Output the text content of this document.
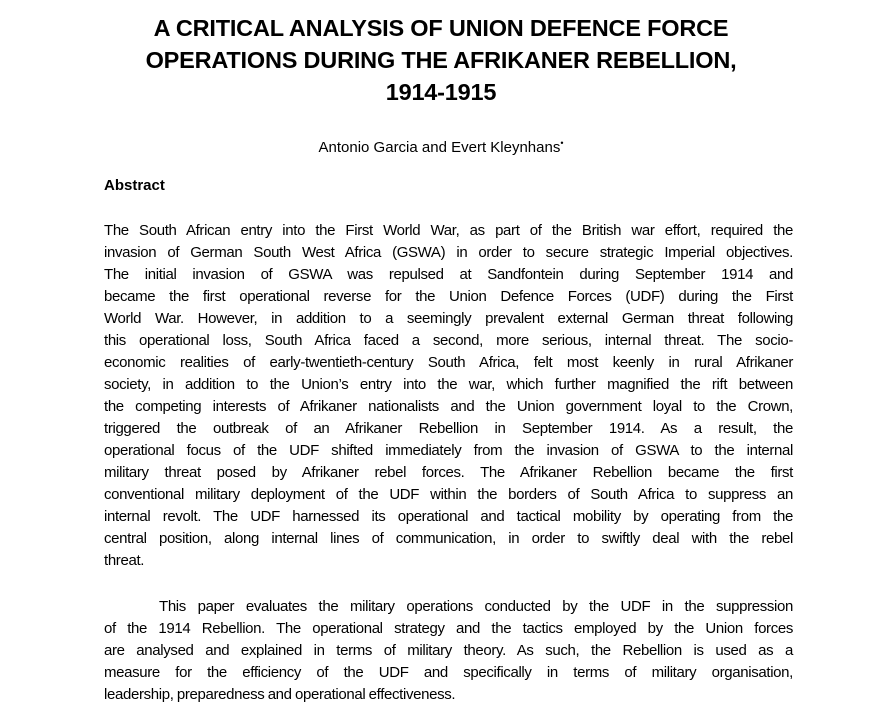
A CRITICAL ANALYSIS OF UNION DEFENCE FORCE
OPERATIONS DURING THE AFRIKANER REBELLION,
1914-1915
Antonio Garcia and Evert Kleynhans•
Abstract
The South African entry into the First World War, as part of the British war effort, required the
invasion of German South West Africa (GSWA) in order to secure strategic Imperial objectives.
The initial invasion of GSWA was repulsed at Sandfontein during September 1914 and
became the first operational reverse for the Union Defence Forces (UDF) during the First
World War. However, in addition to a seemingly prevalent external German threat following
this operational loss, South Africa faced a second, more serious, internal threat. The socio-
economic realities of early-twentieth-century South Africa, felt most keenly in rural Afrikaner
society, in addition to the Union’s entry into the war, which further magnified the rift between
the competing interests of Afrikaner nationalists and the Union government loyal to the Crown,
triggered the outbreak of an Afrikaner Rebellion in September 1914. As a result, the
operational focus of the UDF shifted immediately from the invasion of GSWA to the internal
military threat posed by Afrikaner rebel forces. The Afrikaner Rebellion became the first
conventional military deployment of the UDF within the borders of South Africa to suppress an
internal revolt. The UDF harnessed its operational and tactical mobility by operating from the
central position, along internal lines of communication, in order to swiftly deal with the rebel
threat.
This paper evaluates the military operations conducted by the UDF in the suppression
of the 1914 Rebellion. The operational strategy and the tactics employed by the Union forces
are analysed and explained in terms of military theory. As such, the Rebellion is used as a
measure for the efficiency of the UDF and specifically in terms of military organisation,
leadership, preparedness and operational effectiveness.
